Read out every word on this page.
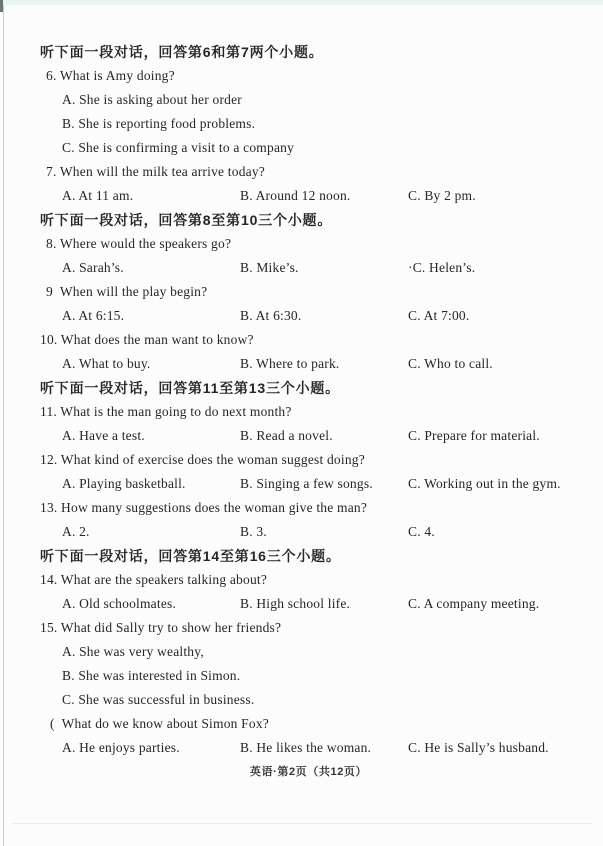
听下面一段对话，回答第6和第7两个小题。
6. What is Amy doing?
A. She is asking about her order
B. She is reporting food problems.
C. She is confirming a visit to a company
7. When will the milk tea arrive today?
A. At 11 am.	B. Around 12 noon.	C. By 2 pm.
听下面一段对话，回答第8至第10三个小题。
8. Where would the speakers go?
A. Sarah’s.	B. Mike’s.	·C. Helen’s.
9  When will the play begin?
A. At 6:15.	B. At 6:30.	C. At 7:00.
10. What does the man want to know?
A. What to buy.	B. Where to park.	C. Who to call.
听下面一段对话，回答第11至第13三个小题。
11. What is the man going to do next month?
A. Have a test.	B. Read a novel.	C. Prepare for material.
12. What kind of exercise does the woman suggest doing?
A. Playing basketball.	B. Singing a few songs.	C. Working out in the gym.
13. How many suggestions does the woman give the man?
A. 2.	B. 3.	C. 4.
听下面一段对话，回答第14至第16三个小题。
14. What are the speakers talking about?
A. Old schoolmates.	B. High school life.	C. A company meeting.
15. What did Sally try to show her friends?
A. She was very wealthy,
B. She was interested in Simon.
C. She was successful in business.
(  What do we know about Simon Fox?
A. He enjoys parties.	B. He likes the woman.	C. He is Sally’s husband.
英语·第2页（共12页）
